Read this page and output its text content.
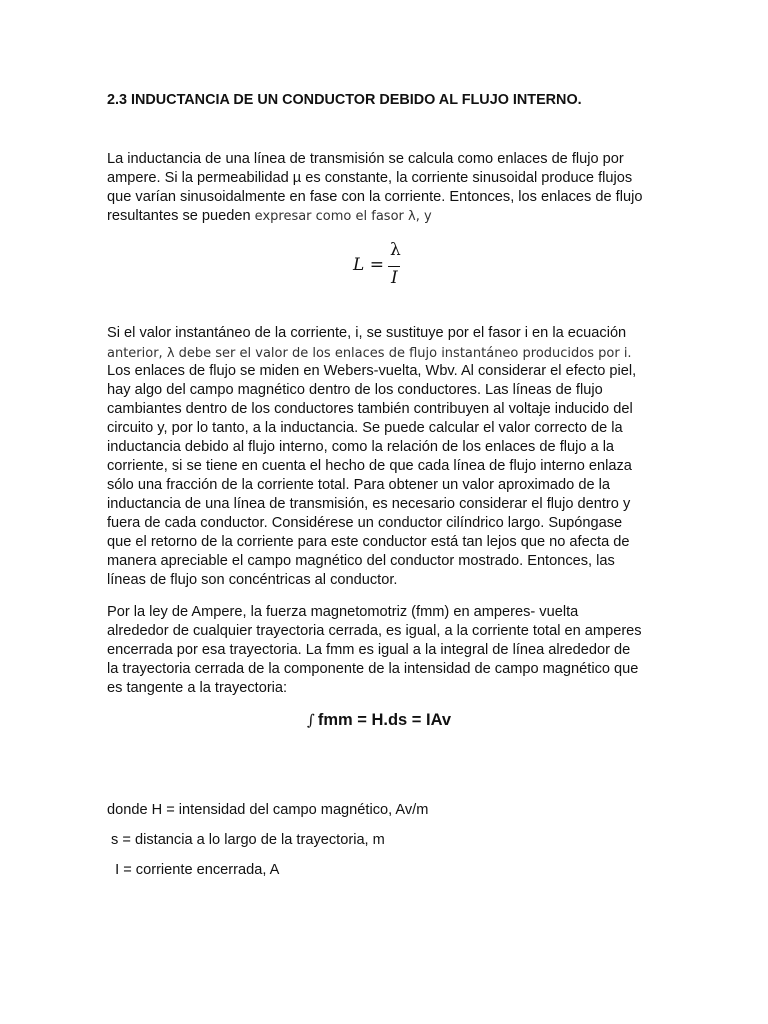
2.3 INDUCTANCIA DE UN CONDUCTOR DEBIDO AL FLUJO INTERNO.
La inductancia de una línea de transmisión se calcula como enlaces de flujo por
ampere. Si la permeabilidad µ es constante, la corriente sinusoidal produce flujos
que varían sinusoidalmente en fase con la corriente. Entonces, los enlaces de flujo
resultantes se pueden expresar como el fasor λ, y
L =
λ
I
Si el valor instantáneo de la corriente, i, se sustituye por el fasor i en la ecuación
anterior, λ debe ser el valor de los enlaces de flujo instantáneo producidos por i.
Los enlaces de flujo se miden en Webers-vuelta, Wbv. Al considerar el efecto piel,
hay algo del campo magnético dentro de los conductores. Las líneas de flujo
cambiantes dentro de los conductores también contribuyen al voltaje inducido del
circuito y, por lo tanto, a la inductancia. Se puede calcular el valor correcto de la
inductancia debido al flujo interno, como la relación de los enlaces de flujo a la
corriente, si se tiene en cuenta el hecho de que cada línea de flujo interno enlaza
sólo una fracción de la corriente total. Para obtener un valor aproximado de la
inductancia de una línea de transmisión, es necesario considerar el flujo dentro y
fuera de cada conductor. Considérese un conductor cilíndrico largo. Supóngase
que el retorno de la corriente para este conductor está tan lejos que no afecta de
manera apreciable el campo magnético del conductor mostrado. Entonces, las
líneas de flujo son concéntricas al conductor.
Por la ley de Ampere, la fuerza magnetomotriz (fmm) en amperes- vuelta
alrededor de cualquier trayectoria cerrada, es igual, a la corriente total en amperes
encerrada por esa trayectoria. La fmm es igual a la integral de línea alrededor de
la trayectoria cerrada de la componente de la intensidad de campo magnético que
es tangente a la trayectoria:
∫ fmm = H.ds = IAv
donde H = intensidad del campo magnético, Av/m
s = distancia a lo largo de la trayectoria, m
I = corriente encerrada, A
